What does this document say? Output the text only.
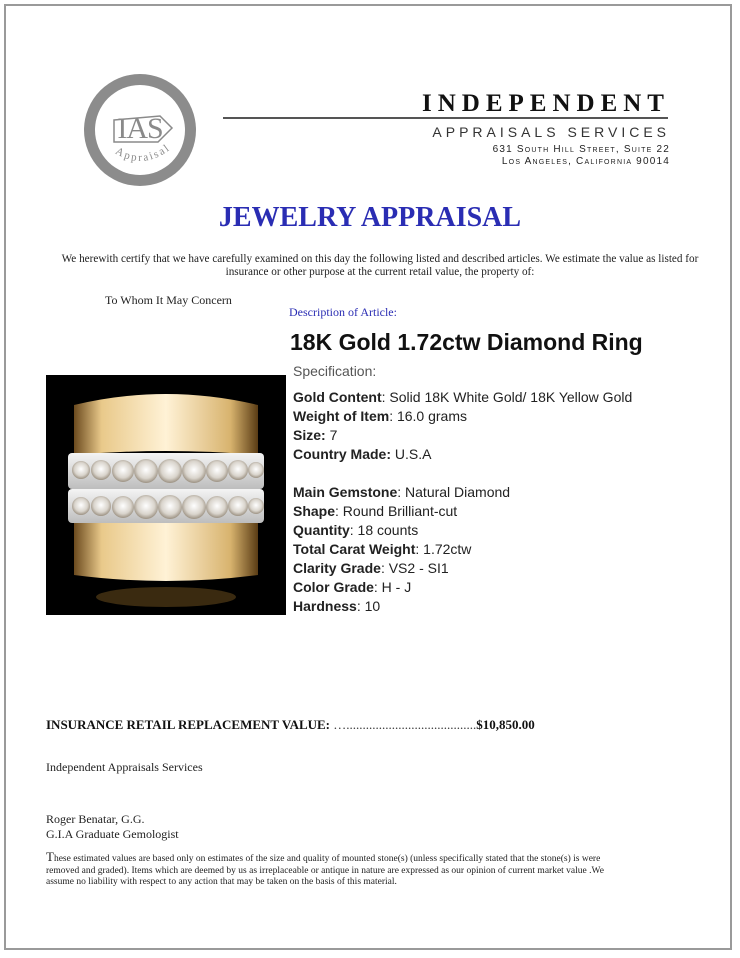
IAS
Appraisal
INDEPENDENT
APPRAISALS SERVICES
631 South Hill Street, Suite 22
Los Angeles, California 90014
JEWELRY APPRAISAL
We herewith certify that we have carefully examined on this day the following listed and described articles. We estimate the value as listed for insurance or other purpose at the current retail value, the property of:
To Whom It May Concern
Description of Article:
18K Gold 1.72ctw Diamond Ring
Specification:
Gold Content: Solid 18K White Gold/ 18K Yellow Gold
Weight of Item: 16.0 grams
Size: 7
Country Made: U.S.A
Main Gemstone: Natural Diamond
Shape: Round Brilliant-cut
Quantity: 18 counts
Total Carat Weight: 1.72ctw
Clarity Grade: VS2 - SI1
Color Grade: H - J
Hardness: 10
INSURANCE RETAIL REPLACEMENT VALUE: …........................................$10,850.00
Independent Appraisals Services
Roger Benatar, G.G.
G.I.A Graduate Gemologist
These estimated values are based only on estimates of the size and quality of mounted stone(s) (unless specifically stated that the stone(s) is were removed and graded). Items which are deemed by us as irreplaceable or antique in nature are expressed as our opinion of current market value .We assume no liability with respect to any action that may be taken on the basis of this material.
